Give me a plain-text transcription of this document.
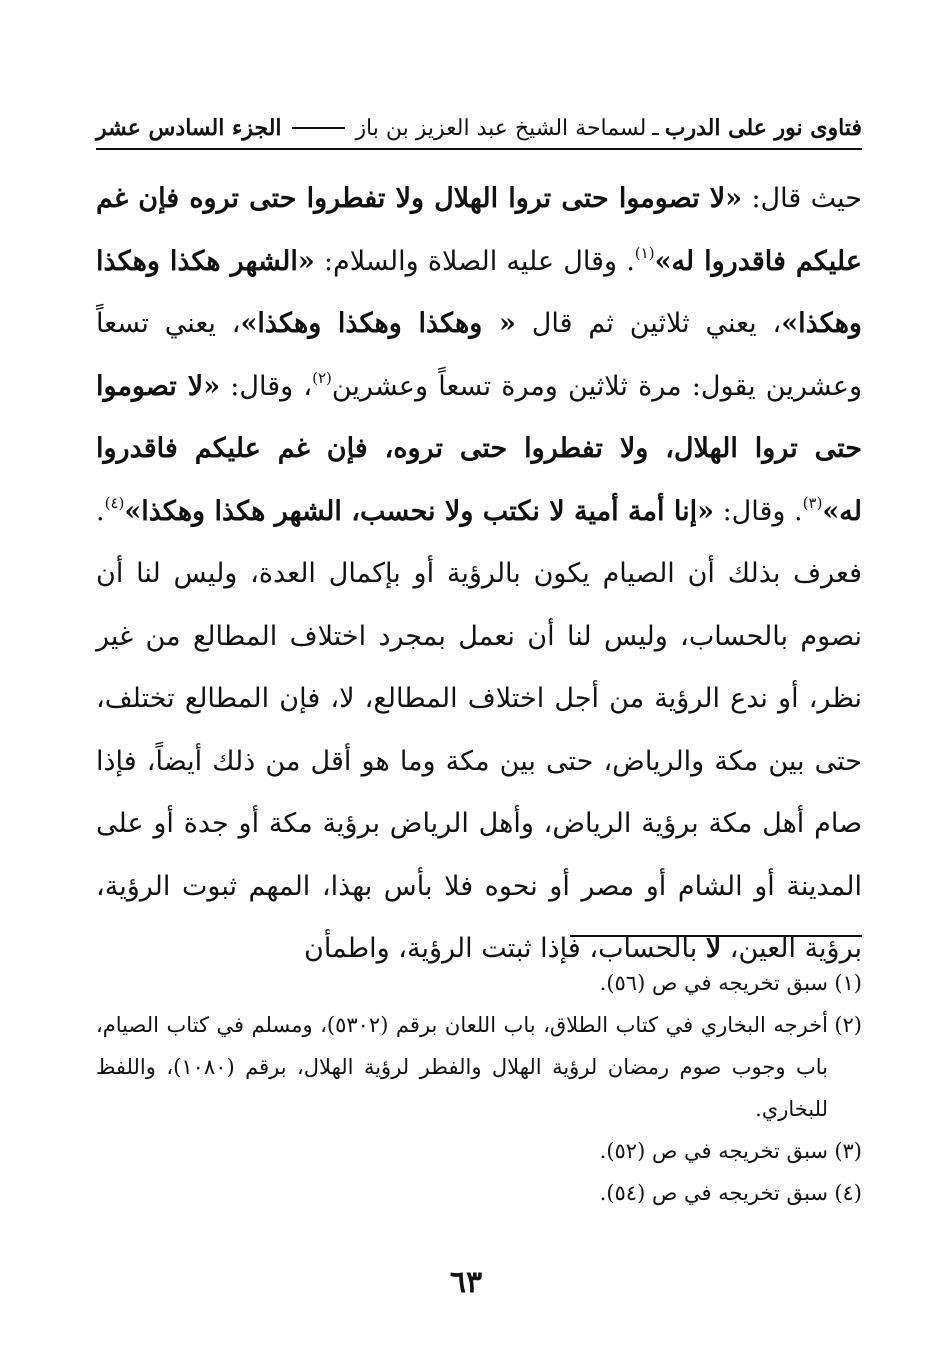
فتاوى نور على الدرب
ـ
لسماحة الشيخ عبد العزيز بن باز
الجزء السادس عشر

حيث قال: «لا تصوموا حتى تروا الهلال ولا تفطروا حتى تروه فإن غم عليكم فاقدروا له»$^{(١)}$. وقال عليه الصلاة والسلام: «الشهر هكذا وهكذا وهكذا»، يعني ثلاثين ثم قال « وهكذا وهكذا وهكذا»، يعني تسعاً وعشرين يقول: مرة ثلاثين ومرة تسعاً وعشرين$^{(٢)}$، وقال: «لا تصوموا حتى تروا الهلال، ولا تفطروا حتى تروه، فإن غم عليكم فاقدروا له»$^{(٣)}$. وقال: «إنا أمة أمية لا نكتب ولا نحسب، الشهر هكذا وهكذا»$^{(٤)}$. فعرف بذلك أن الصيام يكون بالرؤية أو بإكمال العدة، وليس لنا أن نصوم بالحساب، وليس لنا أن نعمل بمجرد اختلاف المطالع من غير نظر، أو ندع الرؤية من أجل اختلاف المطالع، لا، فإن المطالع تختلف، حتى بين مكة والرياض، حتى بين مكة وما هو أقل من ذلك أيضاً، فإذا صام أهل مكة برؤية الرياض، وأهل الرياض برؤية مكة أو جدة أو على المدينة أو الشام أو مصر أو نحوه فلا بأس بهذا، المهم ثبوت الرؤية، برؤية العين، لا بالحساب، فإذا ثبتت الرؤية، واطمأن

(١)
سبق تخريجه في ص (٥٦).
(٢)
أخرجه البخاري في كتاب الطلاق، باب اللعان برقم (٥٣٠٢)، ومسلم في كتاب الصيام، باب وجوب صوم رمضان لرؤية الهلال والفطر لرؤية الهلال، برقم (١٠٨٠)، واللفظ للبخاري.
(٣)
سبق تخريجه في ص (٥٢).
(٤)
سبق تخريجه في ص (٥٤).
٦٣
